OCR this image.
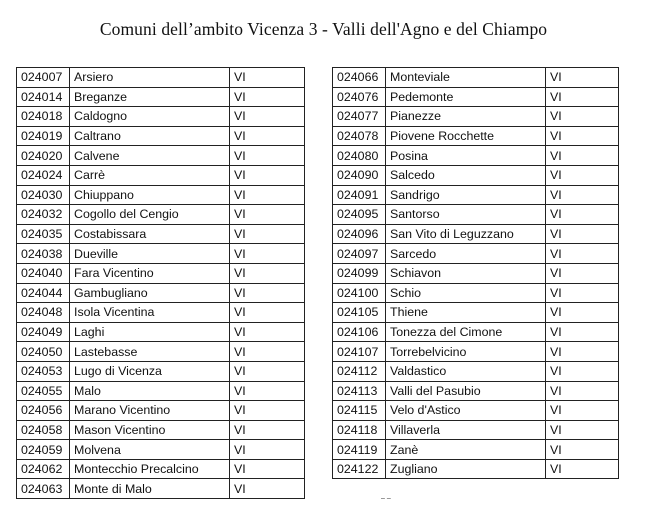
Comuni dell’ambito Vicenza 3 - Valli dell'Agno e del Chiampo
024007	Arsiero	VI
024014	Breganze	VI
024018	Caldogno	VI
024019	Caltrano	VI
024020	Calvene	VI
024024	Carrè	VI
024030	Chiuppano	VI
024032	Cogollo del Cengio	VI
024035	Costabissara	VI
024038	Dueville	VI
024040	Fara Vicentino	VI
024044	Gambugliano	VI
024048	Isola Vicentina	VI
024049	Laghi	VI
024050	Lastebasse	VI
024053	Lugo di Vicenza	VI
024055	Malo	VI
024056	Marano Vicentino	VI
024058	Mason Vicentino	VI
024059	Molvena	VI
024062	Montecchio Precalcino	VI
024063	Monte di Malo	VI
024066	Monteviale	VI
024076	Pedemonte	VI
024077	Pianezze	VI
024078	Piovene Rocchette	VI
024080	Posina	VI
024090	Salcedo	VI
024091	Sandrigo	VI
024095	Santorso	VI
024096	San Vito di Leguzzano	VI
024097	Sarcedo	VI
024099	Schiavon	VI
024100	Schio	VI
024105	Thiene	VI
024106	Tonezza del Cimone	VI
024107	Torrebelvicino	VI
024112	Valdastico	VI
024113	Valli del Pasubio	VI
024115	Velo d'Astico	VI
024118	Villaverla	VI
024119	Zanè	VI
024122	Zugliano	VI
– –
